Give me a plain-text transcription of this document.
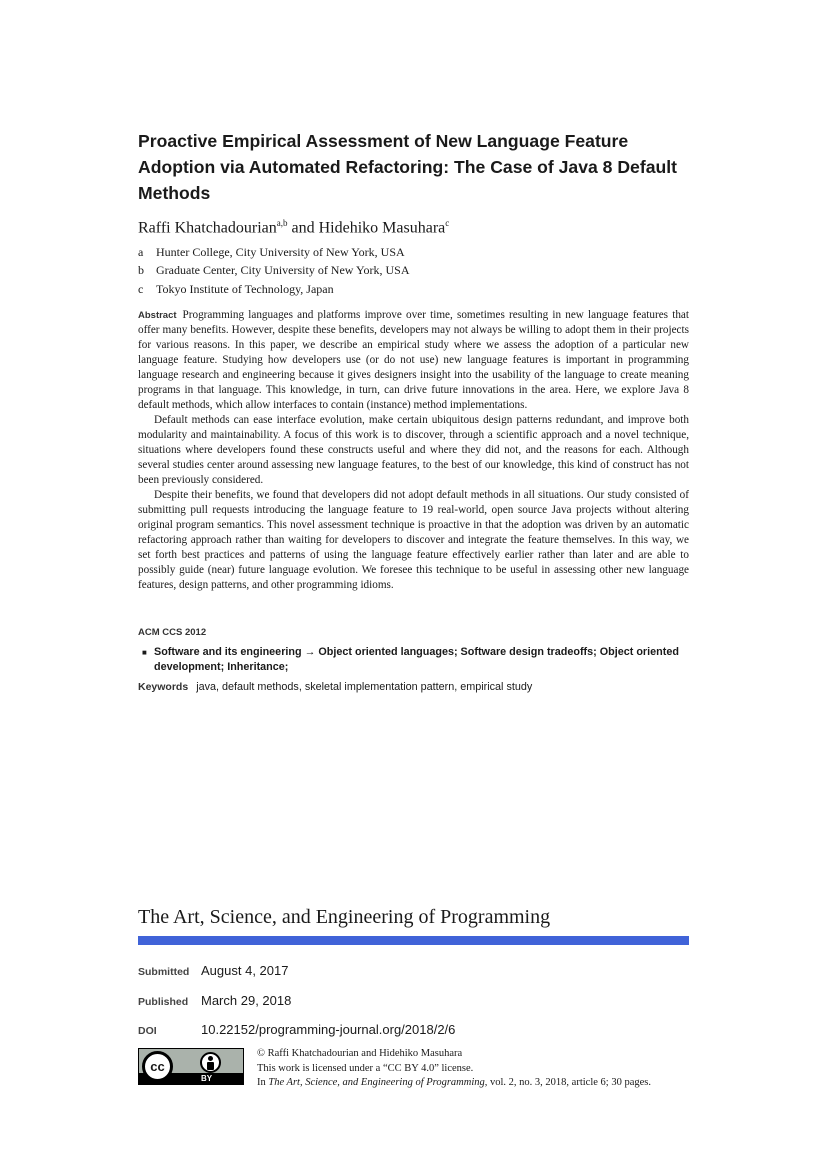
Proactive Empirical Assessment of New Language Feature Adoption via Automated Refactoring: The Case of Java 8 Default Methods
Raffi Khatchadourian$^{a,b}$ and Hidehiko Masuhara$^c$
a Hunter College, City University of New York, USA
b Graduate Center, City University of New York, USA
c Tokyo Institute of Technology, Japan

Abstract Programming languages and platforms improve over time, sometimes resulting in new language features that offer many benefits. However, despite these benefits, developers may not always be willing to adopt them in their projects for various reasons. In this paper, we describe an empirical study where we assess the adoption of a particular new language feature. Studying how developers use (or do not use) new language features is important in programming language research and engineering because it gives designers insight into the usability of the language to create meaning programs in that language. This knowledge, in turn, can drive future innovations in the area. Here, we explore Java 8 default methods, which allow interfaces to contain (instance) method implementations.

Default methods can ease interface evolution, make certain ubiquitous design patterns redundant, and improve both modularity and maintainability. A focus of this work is to discover, through a scientific approach and a novel technique, situations where developers found these constructs useful and where they did not, and the reasons for each. Although several studies center around assessing new language features, to the best of our knowledge, this kind of construct has not been previously considered.

Despite their benefits, we found that developers did not adopt default methods in all situations. Our study consisted of submitting pull requests introducing the language feature to 19 real-world, open source Java projects without altering original program semantics. This novel assessment technique is proactive in that the adoption was driven by an automatic refactoring approach rather than waiting for developers to discover and integrate the feature themselves. In this way, we set forth best practices and patterns of using the language feature effectively earlier rather than later and are able to possibly guide (near) future language evolution. We foresee this technique to be useful in assessing other new language features, design patterns, and other programming idioms.

ACM CCS 2012
■ Software and its engineering → Object oriented languages; Software design tradeoffs; Object oriented development; Inheritance;
Keywords java, default methods, skeletal implementation pattern, empirical study
The Art, Science, and Engineering of Programming
Submitted August 4, 2017
Published March 29, 2018
DOI	10.22152/programming-journal.org/2018/2/6
cc
BY
© Raffi Khatchadourian and Hidehiko Masuhara
This work is licensed under a “CC BY 4.0” license.
In The Art, Science, and Engineering of Programming, vol. 2, no. 3, 2018, article 6; 30 pages.
